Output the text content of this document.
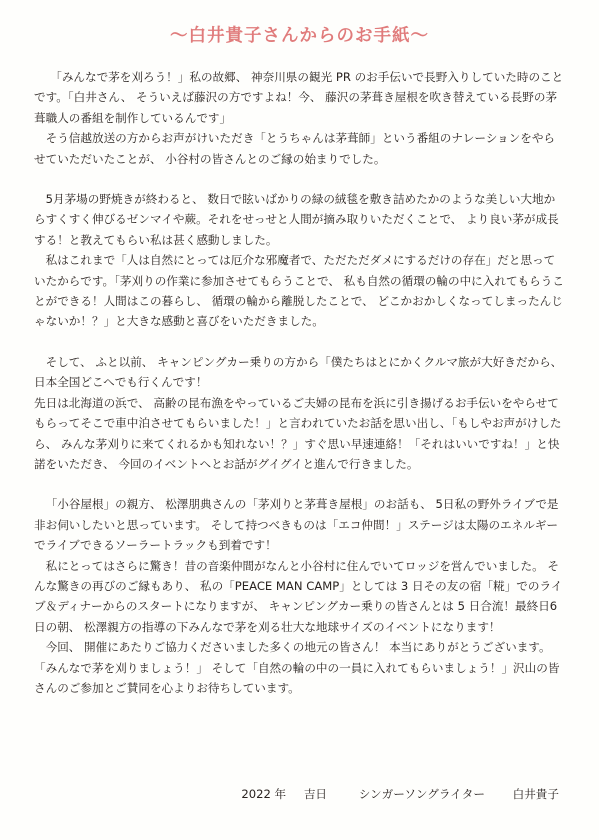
～白井貴子さんからのお手紙～

「みんなで茅を刈ろう！」私の故郷、 神奈川県の観光 PR のお手伝いで長野入りしていた時のことです。「白井さん、 そういえば藤沢の方ですよね！今、 藤沢の茅葺き屋根を吹き替えている長野の茅葺職人の番組を制作しているんです」

そう信越放送の方からお声がけいただき「とうちゃんは茅葺師」という番組のナレーションをやらせていただいたことが、 小谷村の皆さんとのご縁の始まりでした。

5月茅場の野焼きが終わると、 数日で眩いばかりの緑の絨毯を敷き詰めたかのような美しい大地からすくすく伸びるゼンマイや蕨。それをせっせと人間が摘み取りいただくことで、 より良い茅が成長する！と教えてもらい私は甚く感動しました。

私はこれまで「人は自然にとっては厄介な邪魔者で、ただただダメにするだけの存在」だと思っていたからです。「茅刈りの作業に参加させてもらうことで、 私も自然の循環の輪の中に入れてもらうことができる！人間はこの暮らし、 循環の輪から離脱したことで、 どこかおかしくなってしまったんじゃないか！？」と大きな感動と喜びをいただきました。

そして、 ふと以前、 キャンピングカー乗りの方から「僕たちはとにかくクルマ旅が大好きだから、 日本全国どこへでも行くんです！

先日は北海道の浜で、 高齢の昆布漁をやっているご夫婦の昆布を浜に引き揚げるお手伝いをやらせてもらってそこで車中泊させてもらいました！」と言われていたお話を思い出し、「もしやお声がけしたら、 みんな茅刈りに来てくれるかも知れない！？」すぐ思い早速連絡！「それはいいですね！」と快諾をいただき、 今回のイベントへとお話がグイグイと進んで行きました。

「小谷屋根」の親方、 松澤朋典さんの「茅刈りと茅葺き屋根」のお話も、 5日私の野外ライブで是非お伺いしたいと思っています。 そして持つべきものは「エコ仲間！」ステージは太陽のエネルギーでライブできるソーラートラックも到着です！

私にとってはさらに驚き！昔の音楽仲間がなんと小谷村に住んでいてロッジを営んでいました。 そんな驚きの再びのご縁もあり、 私の「PEACE MAN CAMP」としては 3 日その友の宿「糀」でのライブ＆ディナーからのスタートになりますが、 キャンピングカー乗りの皆さんとは 5 日合流！最終日6日の朝、 松澤親方の指導の下みんなで茅を刈る壮大な地球サイズのイベントになります！

今回、 開催にあたりご協力くださいました多くの地元の皆さん！ 本当にありがとうございます。「みんなで茅を刈りましょう！」 そして「自然の輪の中の一員に入れてもらいましょう！」沢山の皆さんのご参加とご賛同を心よりお待ちしています。

2022 年 吉日	シンガーソングライター 白井貴子
